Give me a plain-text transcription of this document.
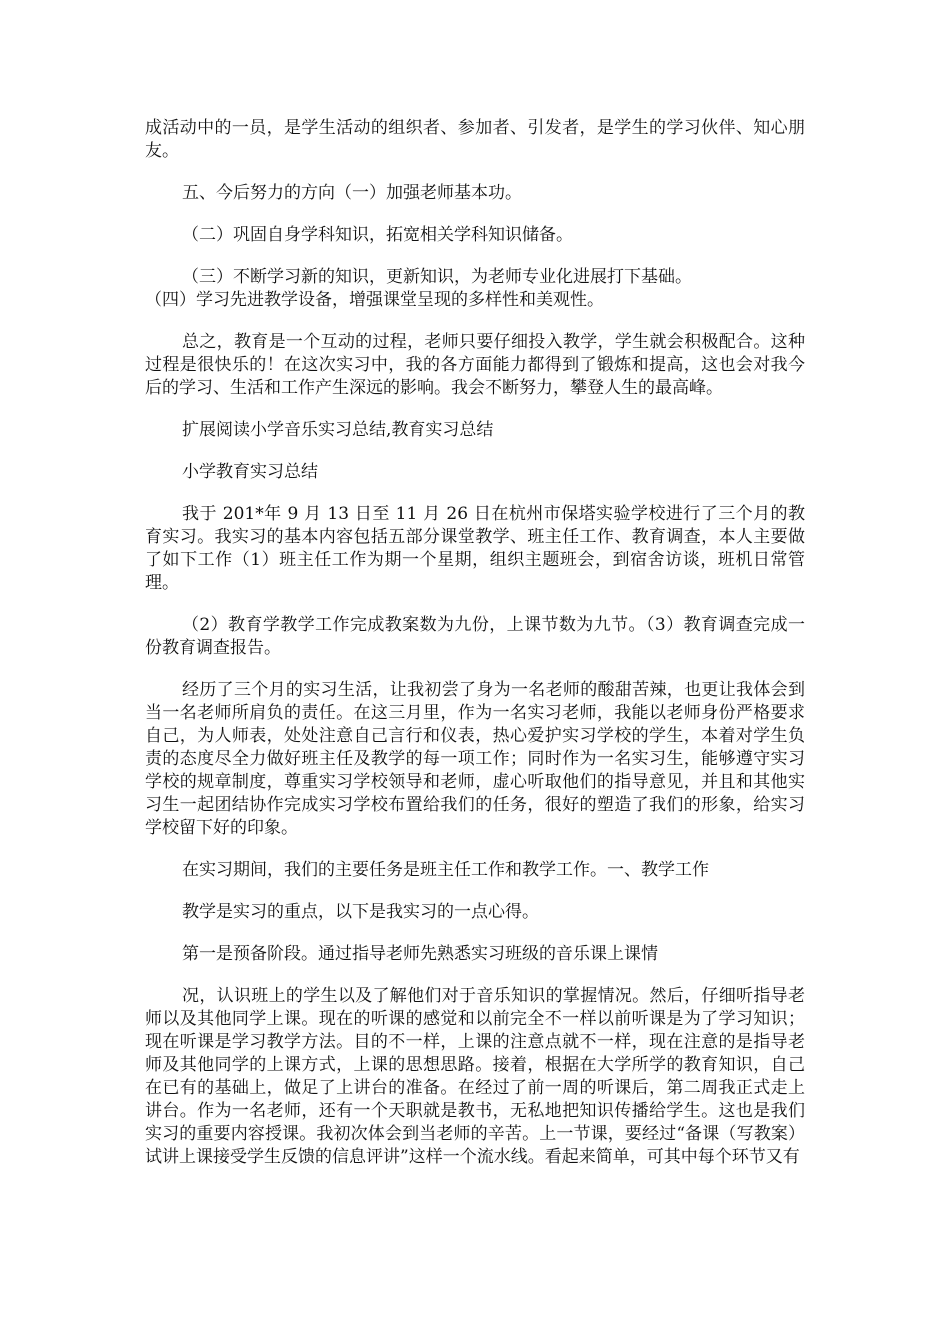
成活动中的一员，是学生活动的组织者、参加者、引发者，是学生的学习伙伴、知心朋友。

五、今后努力的方向（一）加强老师基本功。

（二）巩固自身学科知识，拓宽相关学科知识储备。

（三）不断学习新的知识，更新知识，为老师专业化进展打下基础。

（四）学习先进教学设备，增强课堂呈现的多样性和美观性。

总之，教育是一个互动的过程，老师只要仔细投入教学，学生就会积极配合。这种过程是很快乐的！在这次实习中，我的各方面能力都得到了锻炼和提高，这也会对我今后的学习、生活和工作产生深远的影响。我会不断努力，攀登人生的最高峰。

扩展阅读小学音乐实习总结,教育实习总结

小学教育实习总结

我于 201*年 9 月 13 日至 11 月 26 日在杭州市保塔实验学校进行了三个月的教育实习。我实习的基本内容包括五部分课堂教学、班主任工作、教育调查，本人主要做了如下工作（1）班主任工作为期一个星期，组织主题班会，到宿舍访谈，班机日常管理。

（2）教育学教学工作完成教案数为九份，上课节数为九节。（3）教育调查完成一份教育调查报告。

经历了三个月的实习生活，让我初尝了身为一名老师的酸甜苦辣，也更让我体会到当一名老师所肩负的责任。在这三月里，作为一名实习老师，我能以老师身份严格要求自己，为人师表，处处注意自己言行和仪表，热心爱护实习学校的学生，本着对学生负责的态度尽全力做好班主任及教学的每一项工作；同时作为一名实习生，能够遵守实习学校的规章制度，尊重实习学校领导和老师，虚心听取他们的指导意见，并且和其他实习生一起团结协作完成实习学校布置给我们的任务，很好的塑造了我们的形象，给实习学校留下好的印象。

在实习期间，我们的主要任务是班主任工作和教学工作。一、教学工作

教学是实习的重点，以下是我实习的一点心得。

第一是预备阶段。通过指导老师先熟悉实习班级的音乐课上课情

况，认识班上的学生以及了解他们对于音乐知识的掌握情况。然后，仔细听指导老师以及其他同学上课。现在的听课的感觉和以前完全不一样以前听课是为了学习知识；现在听课是学习教学方法。目的不一样，上课的注意点就不一样，现在注意的是指导老师及其他同学的上课方式，上课的思想思路。接着，根据在大学所学的教育知识，自己在已有的基础上，做足了上讲台的准备。在经过了前一周的听课后，第二周我正式走上讲台。作为一名老师，还有一个天职就是教书，无私地把知识传播给学生。这也是我们实习的重要内容授课。我初次体会到当老师的辛苦。上一节课，要经过“备课（写教案）试讲上课接受学生反馈的信息评讲”这样一个流水线。看起来简单，可其中每个环节又有
